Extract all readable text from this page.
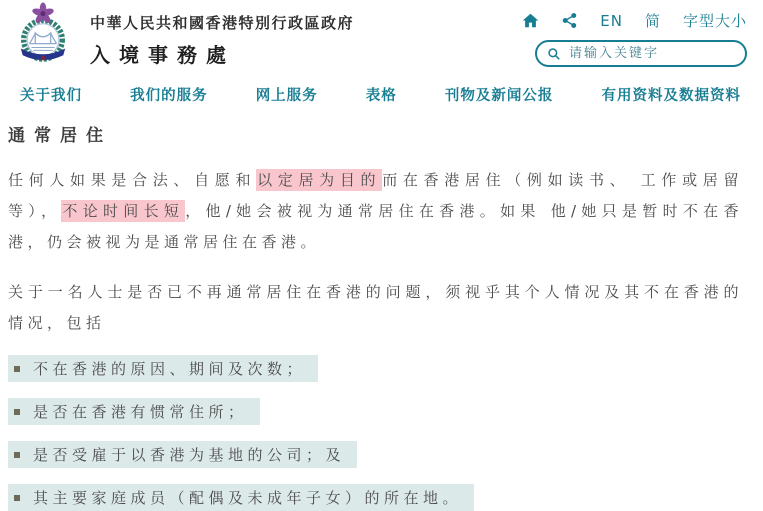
中華人民共和國香港特別行政區政府
入境事務處
EN 简 字型大小
请输入关键字
关于我们	我们的服务	网上服务	表格	刊物及新闻公报	有用资料及数据资料
通常居住
任何人如果是合法、自愿和以定居为目的而在香港居住（例如读书、 工作或居留等），不论时间长短，他/她会被视为通常居住在香港。如果 他/她只是暂时不在香港，仍会被视为是通常居住在香港。
关于一名人士是否已不再通常居住在香港的问题，须视乎其个人情况及其不在香港的情况，包括
不在香港的原因、期间及次数；
是否在香港有惯常住所；
是否受雇于以香港为基地的公司；及
其主要家庭成员（配偶及未成年子女）的所在地。
